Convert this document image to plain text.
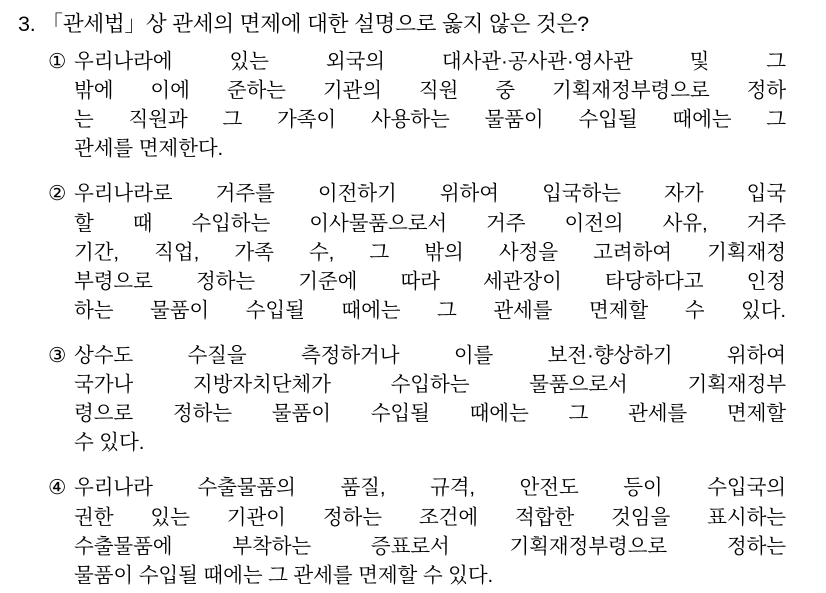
3. 「관세법」상 관세의 면제에 대한 설명으로 옳지 않은 것은?
① 우리나라에 있는 외국의 대사관·공사관·영사관 및 그
밖에 이에 준하는 기관의 직원 중 기획재정부령으로 정하
는 직원과 그 가족이 사용하는 물품이 수입될 때에는 그
관세를 면제한다.
② 우리나라로 거주를 이전하기 위하여 입국하는 자가 입국
할 때 수입하는 이사물품으로서 거주 이전의 사유, 거주
기간, 직업, 가족 수, 그 밖의 사정을 고려하여 기획재정
부령으로 정하는 기준에 따라 세관장이 타당하다고 인정
하는 물품이 수입될 때에는 그 관세를 면제할 수 있다.
③ 상수도 수질을 측정하거나 이를 보전·향상하기 위하여
국가나 지방자치단체가 수입하는 물품으로서 기획재정부
령으로 정하는 물품이 수입될 때에는 그 관세를 면제할
수 있다.
④ 우리나라 수출물품의 품질, 규격, 안전도 등이 수입국의
권한 있는 기관이 정하는 조건에 적합한 것임을 표시하는
수출물품에 부착하는 증표로서 기획재정부령으로 정하는
물품이 수입될 때에는 그 관세를 면제할 수 있다.
